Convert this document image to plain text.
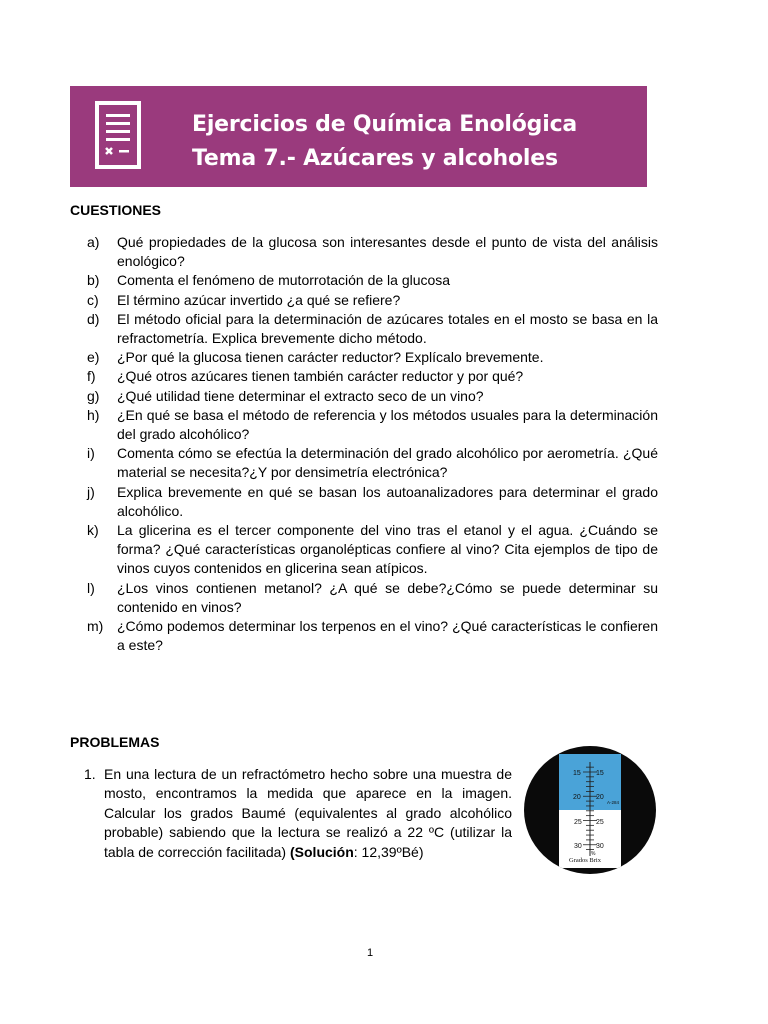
Ejercicios de Química Enológica
Tema 7.- Azúcares y alcoholes
CUESTIONES
a)	Qué propiedades de la glucosa son interesantes desde el punto de vista del análisis enológico?
b)	Comenta el fenómeno de mutorrotación de la glucosa
c)	El término azúcar invertido ¿a qué se refiere?
d)	El método oficial para la determinación de azúcares totales en el mosto se basa en la refractometría. Explica brevemente dicho método.
e)	¿Por qué la glucosa tienen carácter reductor? Explícalo brevemente.
f)	¿Qué otros azúcares tienen también carácter reductor y por qué?
g)	¿Qué utilidad tiene determinar el extracto seco de un vino?
h)	¿En qué se basa el método de referencia y los métodos usuales para la determinación del grado alcohólico?
i)	Comenta cómo se efectúa la determinación del grado alcohólico por aerometría. ¿Qué material se necesita?¿Y por densimetría electrónica?
j)	Explica brevemente en qué se basan los autoanalizadores para determinar el grado alcohólico.
k)	La glicerina es el tercer componente del vino tras el etanol y el agua. ¿Cuándo se forma? ¿Qué características organolépticas confiere al vino? Cita ejemplos de tipo de vinos cuyos contenidos en glicerina sean atípicos.
l)	¿Los vinos contienen metanol? ¿A qué se debe?¿Cómo se puede determinar su contenido en vinos?
m) ¿Cómo podemos determinar los terpenos en el vino? ¿Qué características le confieren a este?
PROBLEMAS
1. En una lectura de un refractómetro hecho sobre una muestra de mosto, encontramos la medida que aparece en la imagen. Calcular los grados Baumé (equivalentes al grado alcohólico probable) sabiendo que la lectura se realizó a 22 ºC (utilizar la tabla de corrección facilitada) (Solución: 12,39ºBé)
15
20
25
30
15
20
25
30
A-284
%
Grados Brix
1
